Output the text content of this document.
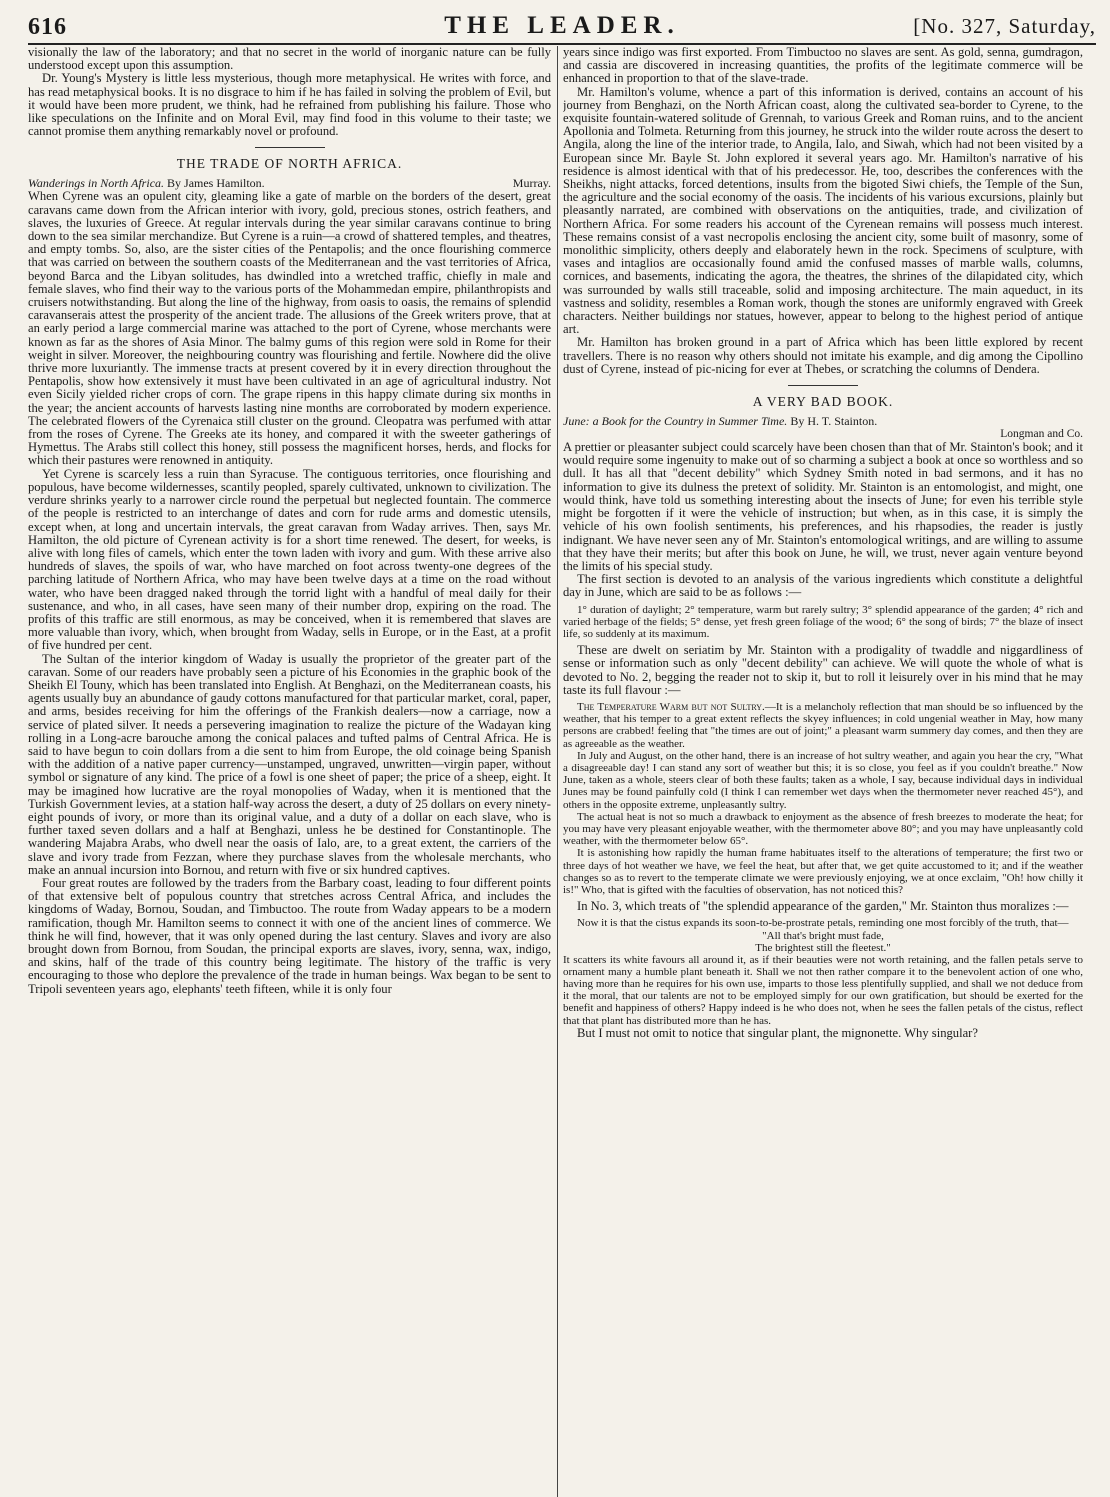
616	THE LEADER.	[No. 327, Saturday,

visionally the law of the laboratory; and that no secret in the world of inorganic nature can be fully understood except upon this assumption.

Dr. Young's Mystery is little less mysterious, though more metaphysical. He writes with force, and has read metaphysical books. It is no disgrace to him if he has failed in solving the problem of Evil, but it would have been more prudent, we think, had he refrained from publishing his failure. Those who like speculations on the Infinite and on Moral Evil, may find food in this volume to their taste; we cannot promise them anything remarkably novel or profound.

THE TRADE OF NORTH AFRICA.
Wanderings in North Africa. By James Hamilton.	Murray.

When Cyrene was an opulent city, gleaming like a gate of marble on the borders of the desert, great caravans came down from the African interior with ivory, gold, precious stones, ostrich feathers, and slaves, the luxuries of Greece. At regular intervals during the year similar caravans continue to bring down to the sea similar merchandize. But Cyrene is a ruin—a crowd of shattered temples, and theatres, and empty tombs. So, also, are the sister cities of the Pentapolis; and the once flourishing commerce that was carried on between the southern coasts of the Mediterranean and the vast territories of Africa, beyond Barca and the Libyan solitudes, has dwindled into a wretched traffic, chiefly in male and female slaves, who find their way to the various ports of the Mohammedan empire, philanthropists and cruisers notwithstanding. But along the line of the highway, from oasis to oasis, the remains of splendid caravanserais attest the prosperity of the ancient trade. The allusions of the Greek writers prove, that at an early period a large commercial marine was attached to the port of Cyrene, whose merchants were known as far as the shores of Asia Minor. The balmy gums of this region were sold in Rome for their weight in silver. Moreover, the neighbouring country was flourishing and fertile. Nowhere did the olive thrive more luxuriantly. The immense tracts at present covered by it in every direction throughout the Pentapolis, show how extensively it must have been cultivated in an age of agricultural industry. Not even Sicily yielded richer crops of corn. The grape ripens in this happy climate during six months in the year; the ancient accounts of harvests lasting nine months are corroborated by modern experience. The celebrated flowers of the Cyrenaica still cluster on the ground. Cleopatra was perfumed with attar from the roses of Cyrene. The Greeks ate its honey, and compared it with the sweeter gatherings of Hymettus. The Arabs still collect this honey, still possess the magnificent horses, herds, and flocks for which their pastures were renowned in antiquity.

Yet Cyrene is scarcely less a ruin than Syracuse. The contiguous territories, once flourishing and populous, have become wildernesses, scantily peopled, sparely cultivated, unknown to civilization. The verdure shrinks yearly to a narrower circle round the perpetual but neglected fountain. The commerce of the people is restricted to an interchange of dates and corn for rude arms and domestic utensils, except when, at long and uncertain intervals, the great caravan from Waday arrives. Then, says Mr. Hamilton, the old picture of Cyrenean activity is for a short time renewed. The desert, for weeks, is alive with long files of camels, which enter the town laden with ivory and gum. With these arrive also hundreds of slaves, the spoils of war, who have marched on foot across twenty-one degrees of the parching latitude of Northern Africa, who may have been twelve days at a time on the road without water, who have been dragged naked through the torrid light with a handful of meal daily for their sustenance, and who, in all cases, have seen many of their number drop, expiring on the road. The profits of this traffic are still enormous, as may be conceived, when it is remembered that slaves are more valuable than ivory, which, when brought from Waday, sells in Europe, or in the East, at a profit of five hundred per cent.

The Sultan of the interior kingdom of Waday is usually the proprietor of the greater part of the caravan. Some of our readers have probably seen a picture of his Economies in the graphic book of the Sheikh El Touny, which has been translated into English. At Benghazi, on the Mediterranean coasts, his agents usually buy an abundance of gaudy cottons manufactured for that particular market, coral, paper, and arms, besides receiving for him the offerings of the Frankish dealers—now a carriage, now a service of plated silver. It needs a persevering imagination to realize the picture of the Wadayan king rolling in a Long-acre barouche among the conical palaces and tufted palms of Central Africa. He is said to have begun to coin dollars from a die sent to him from Europe, the old coinage being Spanish with the addition of a native paper currency—unstamped, ungraved, unwritten—virgin paper, without symbol or signature of any kind. The price of a fowl is one sheet of paper; the price of a sheep, eight. It may be imagined how lucrative are the royal monopolies of Waday, when it is mentioned that the Turkish Government levies, at a station half-way across the desert, a duty of 25 dollars on every ninety-eight pounds of ivory, or more than its original value, and a duty of a dollar on each slave, who is further taxed seven dollars and a half at Benghazi, unless he be destined for Constantinople. The wandering Majabra Arabs, who dwell near the oasis of Ialo, are, to a great extent, the carriers of the slave and ivory trade from Fezzan, where they purchase slaves from the wholesale merchants, who make an annual incursion into Bornou, and return with five or six hundred captives.

Four great routes are followed by the traders from the Barbary coast, leading to four different points of that extensive belt of populous country that stretches across Central Africa, and includes the kingdoms of Waday, Bornou, Soudan, and Timbuctoo. The route from Waday appears to be a modern ramification, though Mr. Hamilton seems to connect it with one of the ancient lines of commerce. We think he will find, however, that it was only opened during the last century. Slaves and ivory are also brought down from Bornou, from Soudan, the principal exports are slaves, ivory, senna, wax, indigo, and skins, half of the trade of this country being legitimate. The history of the traffic is very encouraging to those who deplore the prevalence of the trade in human beings. Wax began to be sent to Tripoli seventeen years ago, elephants' teeth fifteen, while it is only four

years since indigo was first exported. From Timbuctoo no slaves are sent. As gold, senna, gumdragon, and cassia are discovered in increasing quantities, the profits of the legitimate commerce will be enhanced in proportion to that of the slave-trade.

Mr. Hamilton's volume, whence a part of this information is derived, contains an account of his journey from Benghazi, on the North African coast, along the cultivated sea-border to Cyrene, to the exquisite fountain-watered solitude of Grennah, to various Greek and Roman ruins, and to the ancient Apollonia and Tolmeta. Returning from this journey, he struck into the wilder route across the desert to Angila, along the line of the interior trade, to Angila, Ialo, and Siwah, which had not been visited by a European since Mr. Bayle St. John explored it several years ago. Mr. Hamilton's narrative of his residence is almost identical with that of his predecessor. He, too, describes the conferences with the Sheikhs, night attacks, forced detentions, insults from the bigoted Siwi chiefs, the Temple of the Sun, the agriculture and the social economy of the oasis. The incidents of his various excursions, plainly but pleasantly narrated, are combined with observations on the antiquities, trade, and civilization of Northern Africa. For some readers his account of the Cyrenean remains will possess much interest. These remains consist of a vast necropolis enclosing the ancient city, some built of masonry, some of monolithic simplicity, others deeply and elaborately hewn in the rock. Specimens of sculpture, with vases and intaglios are occasionally found amid the confused masses of marble walls, columns, cornices, and basements, indicating the agora, the theatres, the shrines of the dilapidated city, which was surrounded by walls still traceable, solid and imposing architecture. The main aqueduct, in its vastness and solidity, resembles a Roman work, though the stones are uniformly engraved with Greek characters. Neither buildings nor statues, however, appear to belong to the highest period of antique art.

Mr. Hamilton has broken ground in a part of Africa which has been little explored by recent travellers. There is no reason why others should not imitate his example, and dig among the Cipollino dust of Cyrene, instead of pic-nicing for ever at Thebes, or scratching the columns of Dendera.

A VERY BAD BOOK.
June: a Book for the Country in Summer Time. By H. T. Stainton.
Longman and Co.

A prettier or pleasanter subject could scarcely have been chosen than that of Mr. Stainton's book; and it would require some ingenuity to make out of so charming a subject a book at once so worthless and so dull. It has all that "decent debility" which Sydney Smith noted in bad sermons, and it has no information to give its dulness the pretext of solidity. Mr. Stainton is an entomologist, and might, one would think, have told us something interesting about the insects of June; for even his terrible style might be forgotten if it were the vehicle of instruction; but when, as in this case, it is simply the vehicle of his own foolish sentiments, his preferences, and his rhapsodies, the reader is justly indignant. We have never seen any of Mr. Stainton's entomological writings, and are willing to assume that they have their merits; but after this book on June, he will, we trust, never again venture beyond the limits of his special study.

The first section is devoted to an analysis of the various ingredients which constitute a delightful day in June, which are said to be as follows :—

1° duration of daylight; 2° temperature, warm but rarely sultry; 3° splendid appearance of the garden; 4° rich and varied herbage of the fields; 5° dense, yet fresh green foliage of the wood; 6° the song of birds; 7° the blaze of insect life, so suddenly at its maximum.

These are dwelt on seriatim by Mr. Stainton with a prodigality of twaddle and niggardliness of sense or information such as only "decent debility" can achieve. We will quote the whole of what is devoted to No. 2, begging the reader not to skip it, but to roll it leisurely over in his mind that he may taste its full flavour :—

The Temperature Warm but not Sultry.—It is a melancholy reflection that man should be so influenced by the weather, that his temper to a great extent reflects the skyey influences; in cold ungenial weather in May, how many persons are crabbed! feeling that "the times are out of joint;" a pleasant warm summery day comes, and then they are as agreeable as the weather.

In July and August, on the other hand, there is an increase of hot sultry weather, and again you hear the cry, "What a disagreeable day! I can stand any sort of weather but this; it is so close, you feel as if you couldn't breathe." Now June, taken as a whole, steers clear of both these faults; taken as a whole, I say, because individual days in individual Junes may be found painfully cold (I think I can remember wet days when the thermometer never reached 45°), and others in the opposite extreme, unpleasantly sultry.

The actual heat is not so much a drawback to enjoyment as the absence of fresh breezes to moderate the heat; for you may have very pleasant enjoyable weather, with the thermometer above 80°; and you may have unpleasantly cold weather, with the thermometer below 65°.

It is astonishing how rapidly the human frame habituates itself to the alterations of temperature; the first two or three days of hot weather we have, we feel the heat, but after that, we get quite accustomed to it; and if the weather changes so as to revert to the temperate climate we were previously enjoying, we at once exclaim, "Oh! how chilly it is!" Who, that is gifted with the faculties of observation, has not noticed this?

In No. 3, which treats of "the splendid appearance of the garden," Mr. Stainton thus moralizes :—

Now it is that the cistus expands its soon-to-be-prostrate petals, reminding one most forcibly of the truth, that—

"All that's bright must fade,

The brightest still the fleetest."

It scatters its white favours all around it, as if their beauties were not worth retaining, and the fallen petals serve to ornament many a humble plant beneath it. Shall we not then rather compare it to the benevolent action of one who, having more than he requires for his own use, imparts to those less plentifully supplied, and shall we not deduce from it the moral, that our talents are not to be employed simply for our own gratification, but should be exerted for the benefit and happiness of others? Happy indeed is he who does not, when he sees the fallen petals of the cistus, reflect that that plant has distributed more than he has.

But I must not omit to notice that singular plant, the mignonette. Why singular?
